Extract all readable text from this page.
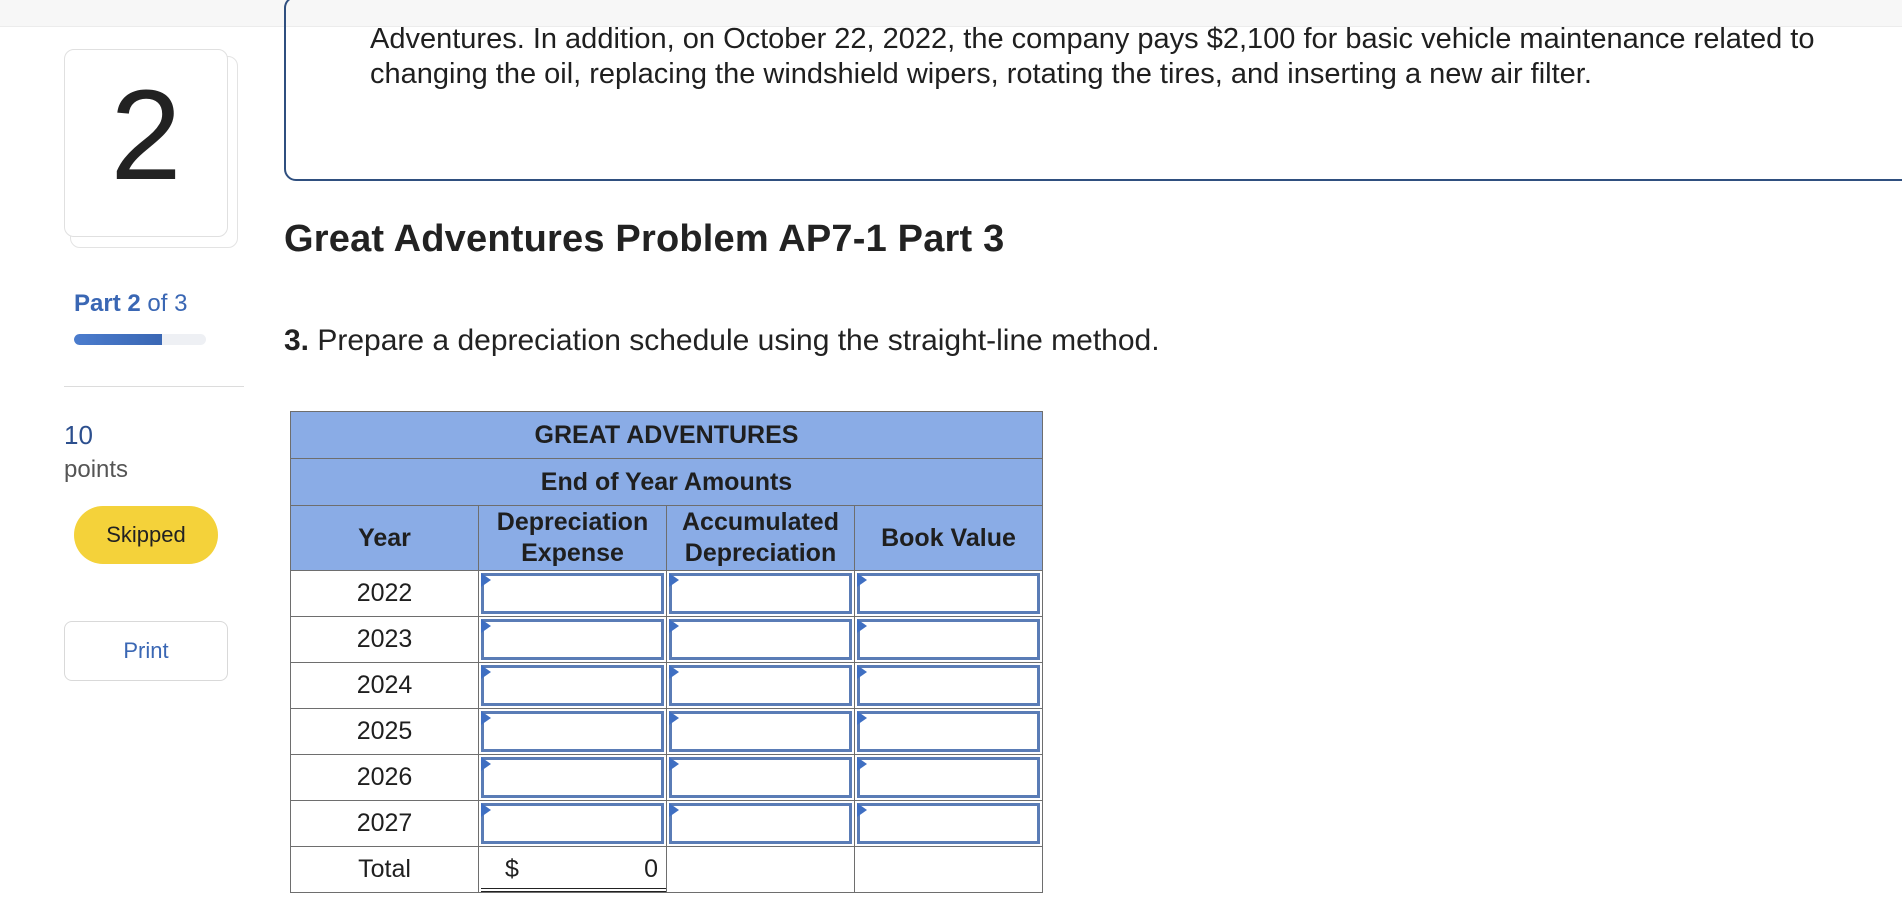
2
Part 2 of 3
10
points
Skipped
Print
Adventures. In addition, on October 22, 2022, the company pays $2,100 for basic vehicle maintenance related to changing the oil, replacing the windshield wipers, rotating the tires, and inserting a new air filter.
Great Adventures Problem AP7-1 Part 3
3. Prepare a depreciation schedule using the straight-line method.
GREAT ADVENTURES			
End of Year Amounts			
Year	Depreciation Expense	Accumulated Depreciation	Book Value
2022	

2023	

2024	

2025	

2026	

2027	

Total	$ 0		
